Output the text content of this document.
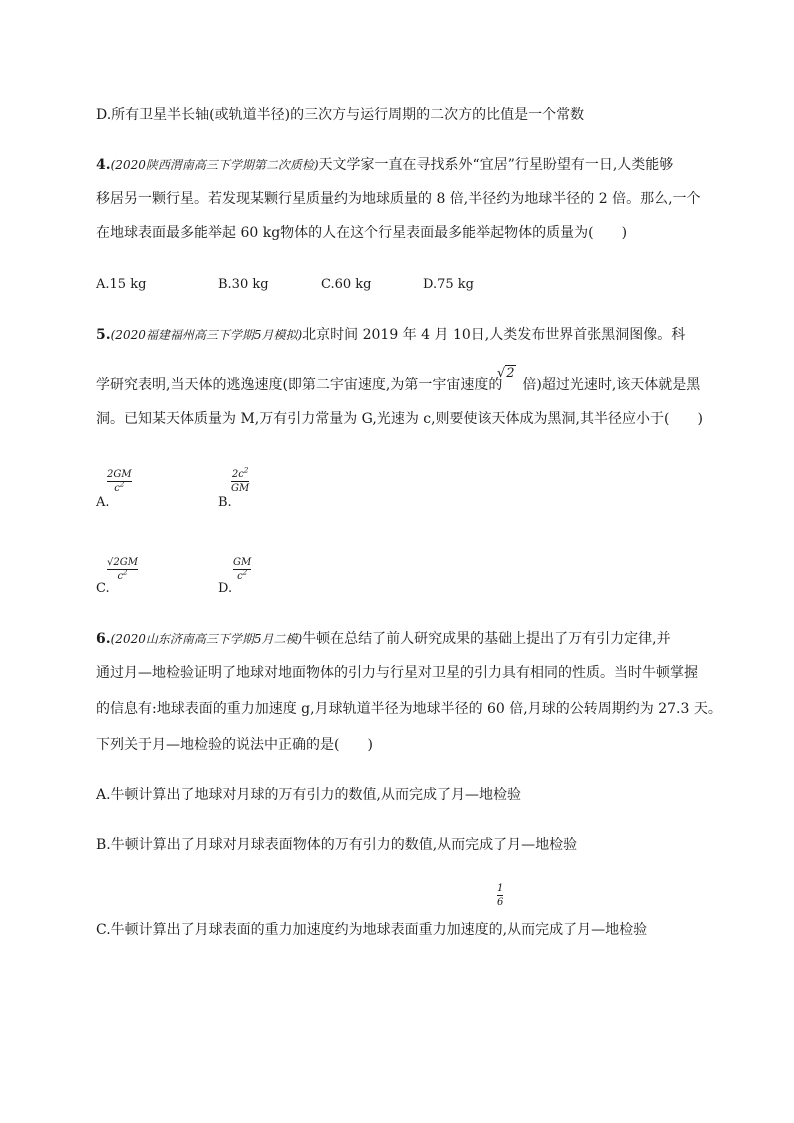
D.所有卫星半长轴(或轨道半径)的三次方与运行周期的二次方的比值是一个常数
4.(2020陕西渭南高三下学期第二次质检)天文学家一直在寻找系外“宜居”行星盼望有一日,人类能够
移居另一颗行星。若发现某颗行星质量约为地球质量的 8 倍,半径约为地球半径的 2 倍。那么,一个
在地球表面最多能举起 60 kg物体的人在这个行星表面最多能举起物体的质量为( )
A.15 kg	B.30 kg	C.60 kg	D.75 kg
5.(2020福建福州高三下学期5月模拟)北京时间 2019 年 4 月 10日,人类发布世界首张黑洞图像。科
学研究表明,当天体的逃逸速度(即第二宇宙速度,为第一宇宙速度的 倍)超过光速时,该天体就是黑
√2
洞。已知某天体质量为 M,万有引力常量为 G,光速为 c,则要使该天体成为黑洞,其半径应小于( )
2GM
$c^2$
A.
$2c^2$
GM
B.
√2GM
$c^2$
C.
GM
$c^2$
D.
6.(2020山东济南高三下学期5月二模)牛顿在总结了前人研究成果的基础上提出了万有引力定律,并
通过月—地检验证明了地球对地面物体的引力与行星对卫星的引力具有相同的性质。当时牛顿掌握
的信息有:地球表面的重力加速度 g,月球轨道半径为地球半径的 60 倍,月球的公转周期约为 27.3 天。
下列关于月—地检验的说法中正确的是( )
A.牛顿计算出了地球对月球的万有引力的数值,从而完成了月—地检验
B.牛顿计算出了月球对月球表面物体的万有引力的数值,从而完成了月—地检验
1
6
C.牛顿计算出了月球表面的重力加速度约为地球表面重力加速度的,从而完成了月—地检验
